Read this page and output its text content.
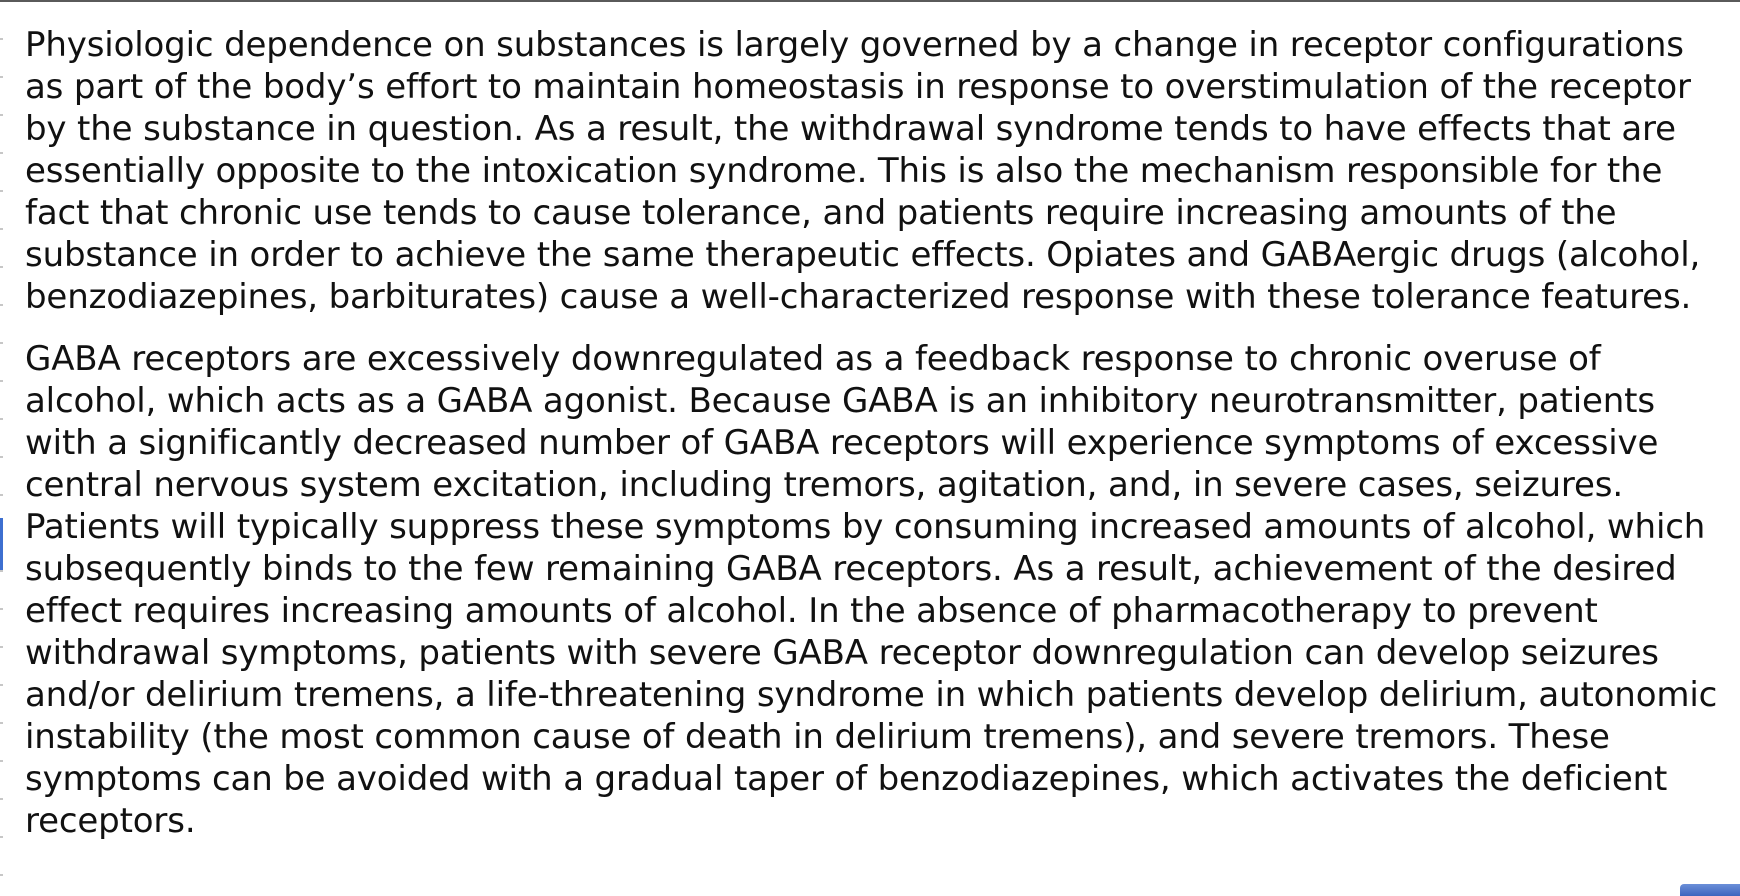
Physiologic dependence on substances is largely governed by a change in receptor configurations as part of the body’s effort to maintain homeostasis in response to overstimulation of the receptor by the substance in question. As a result, the withdrawal syndrome tends to have effects that are essentially opposite to the intoxication syndrome. This is also the mechanism responsible for the fact that chronic use tends to cause tolerance, and patients require increasing amounts of the substance in order to achieve the same therapeutic effects. Opiates and GABAergic drugs (alcohol, benzodiazepines, barbiturates) cause a well-characterized response with these tolerance features.

GABA receptors are excessively downregulated as a feedback response to chronic overuse of alcohol, which acts as a GABA agonist. Because GABA is an inhibitory neurotransmitter, patients with a significantly decreased number of GABA receptors will experience symptoms of excessive central nervous system excitation, including tremors, agitation, and, in severe cases, seizures. Patients will typically suppress these symptoms by consuming increased amounts of alcohol, which subsequently binds to the few remaining GABA receptors. As a result, achievement of the desired effect requires increasing amounts of alcohol. In the absence of pharmacotherapy to prevent withdrawal symptoms, patients with severe GABA receptor downregulation can develop seizures and/or delirium tremens, a life-threatening syndrome in which patients develop delirium, autonomic instability (the most common cause of death in delirium tremens), and severe tremors. These symptoms can be avoided with a gradual taper of benzodiazepines, which activates the deficient receptors.
